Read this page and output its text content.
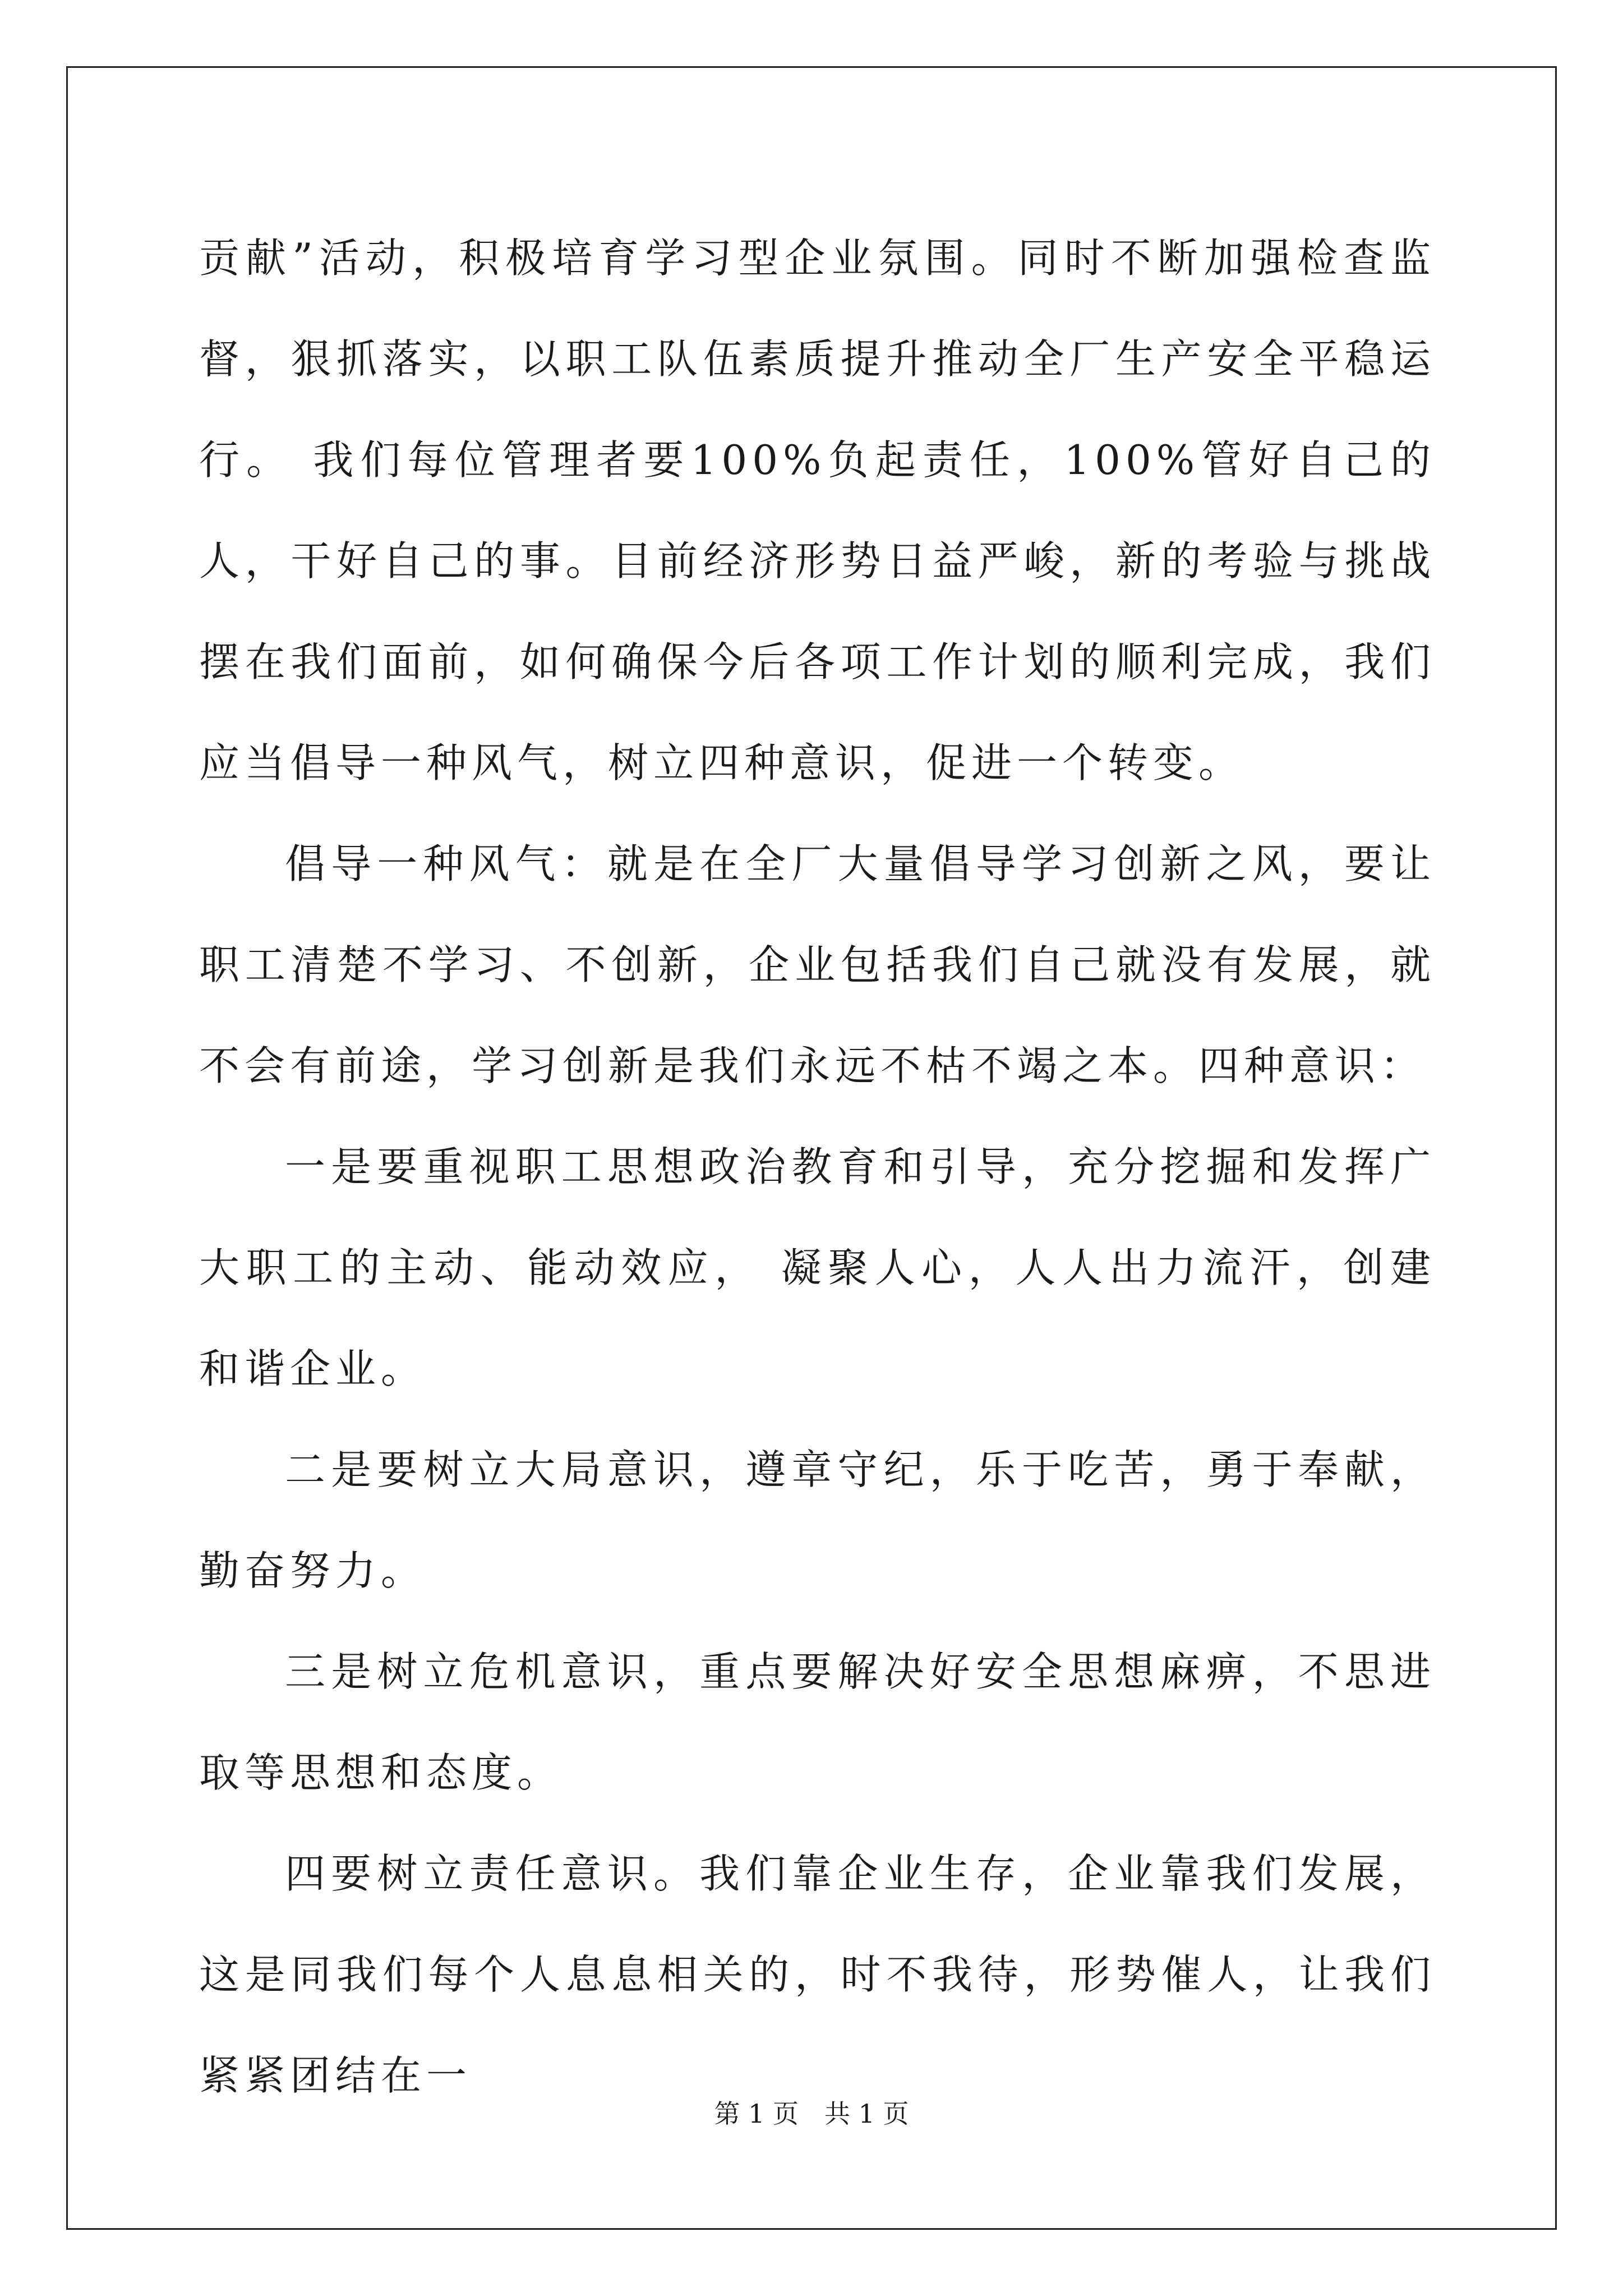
贡献”活动，积极培育学习型企业氛围。同时不断加强检查监督，狠抓落实，以职工队伍素质提升推动全厂生产安全平稳运行。 我们每位管理者要100%负起责任，100%管好自己的人，干好自己的事。目前经济形势日益严峻，新的考验与挑战摆在我们面前，如何确保今后各项工作计划的顺利完成，我们应当倡导一种风气，树立四种意识，促进一个转变。

倡导一种风气：就是在全厂大量倡导学习创新之风，要让职工清楚不学习、不创新，企业包括我们自己就没有发展，就不会有前途，学习创新是我们永远不枯不竭之本。四种意识：

一是要重视职工思想政治教育和引导，充分挖掘和发挥广大职工的主动、能动效应， 凝聚人心，人人出力流汗，创建和谐企业。

二是要树立大局意识，遵章守纪，乐于吃苦，勇于奉献，勤奋努力。

三是树立危机意识，重点要解决好安全思想麻痹，不思进取等思想和态度。

四要树立责任意识。我们靠企业生存，企业靠我们发展，这是同我们每个人息息相关的，时不我待，形势催人，让我们紧紧团结在一

第 1 页　共 1 页
